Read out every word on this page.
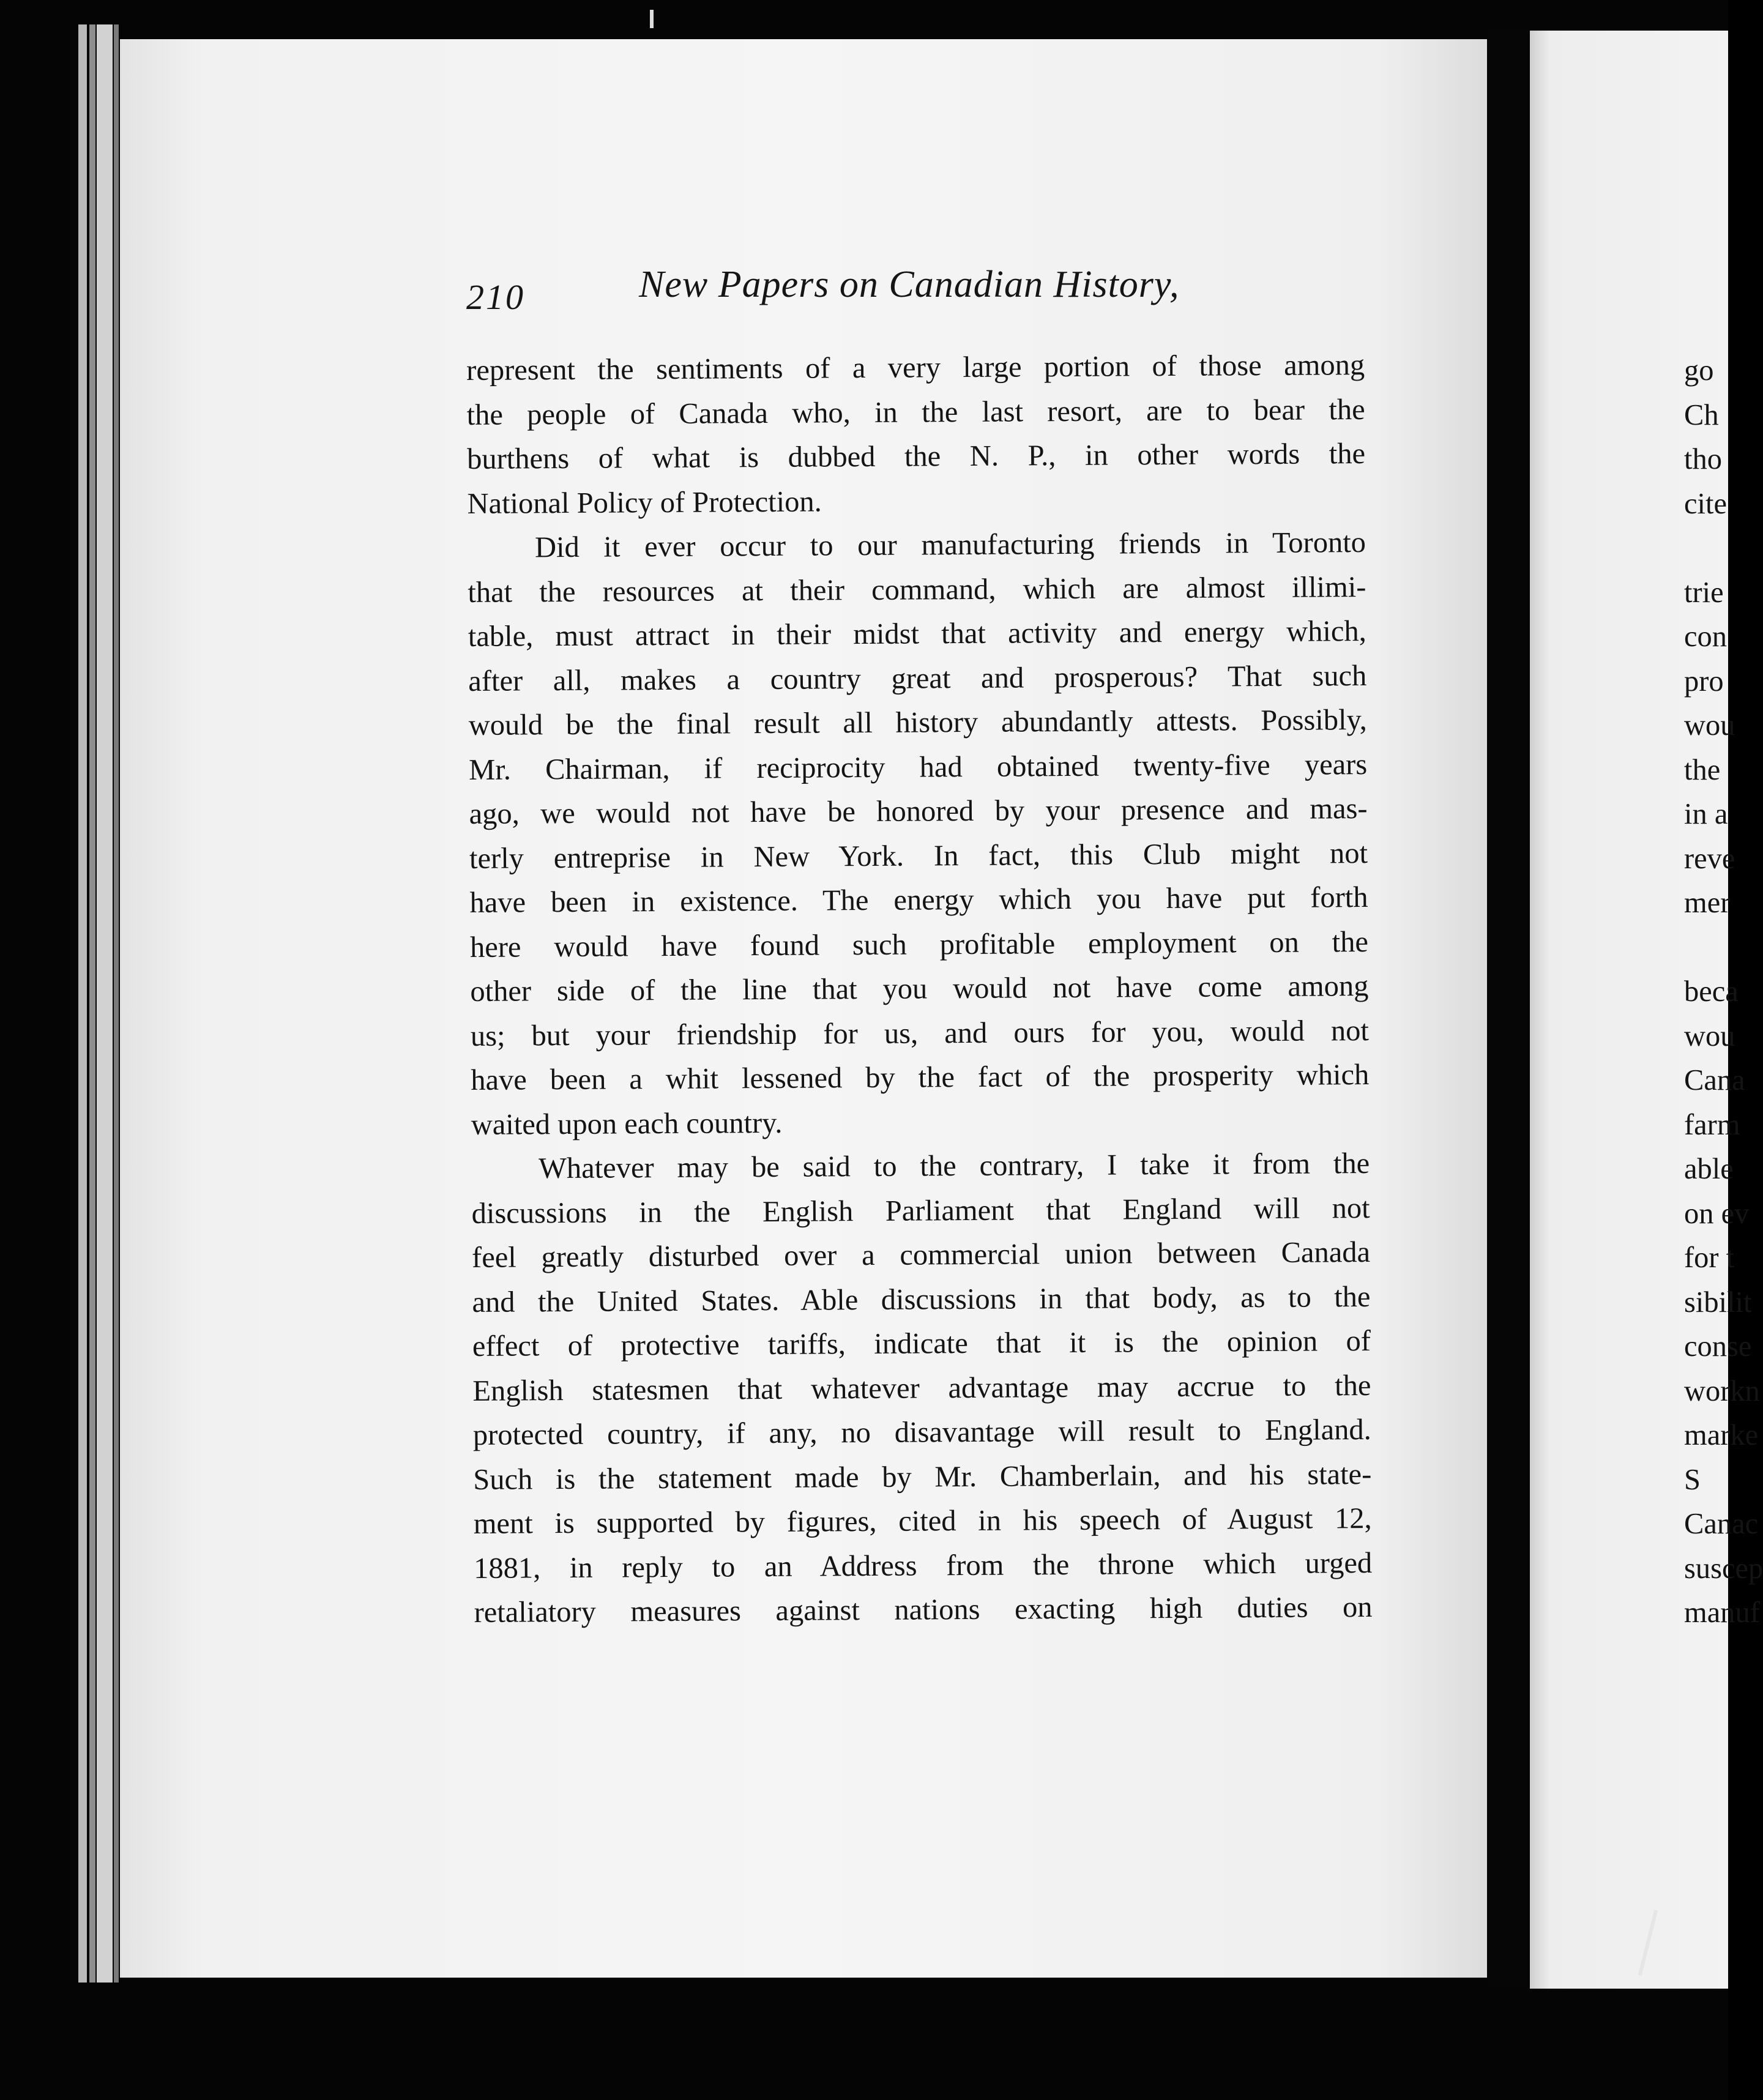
210	New Papers on Canadian History,
represent the sentiments of a very large portion of those among
the people of Canada who, in the last resort, are to bear the
burthens of what is dubbed the N. P., in other words the
National Policy of Protection.
Did it ever occur to our manufacturing friends in Toronto
that the resources at their command, which are almost illimi-
table, must attract in their midst that activity and energy which,
after all, makes a country great and prosperous? That such
would be the final result all history abundantly attests. Possibly,
Mr. Chairman, if reciprocity had obtained twenty-five years
ago, we would not have be honored by your presence and mas-
terly entreprise in New York. In fact, this Club might not
have been in existence. The energy which you have put forth
here would have found such profitable employment on the
other side of the line that you would not have come among
us; but your friendship for us, and ours for you, would not
have been a whit lessened by the fact of the prosperity which
waited upon each country.
Whatever may be said to the contrary, I take it from the
discussions in the English Parliament that England will not
feel greatly disturbed over a commercial union between Canada
and the United States. Able discussions in that body, as to the
effect of protective tariffs, indicate that it is the opinion of
English statesmen that whatever advantage may accrue to the
protected country, if any, no disavantage will result to England.
Such is the statement made by Mr. Chamberlain, and his state-
ment is supported by figures, cited in his speech of August 12,
1881, in reply to an Address from the throne which urged
retaliatory measures against nations exacting high duties on
go
Ch
tho
cite
trie
con
pro
wou
the
in a
reve
mer
beca
wou
Cana
farm
able
on ev
for t
sibilit
conse
workn
marke
S
Canac
suscep
manuf
